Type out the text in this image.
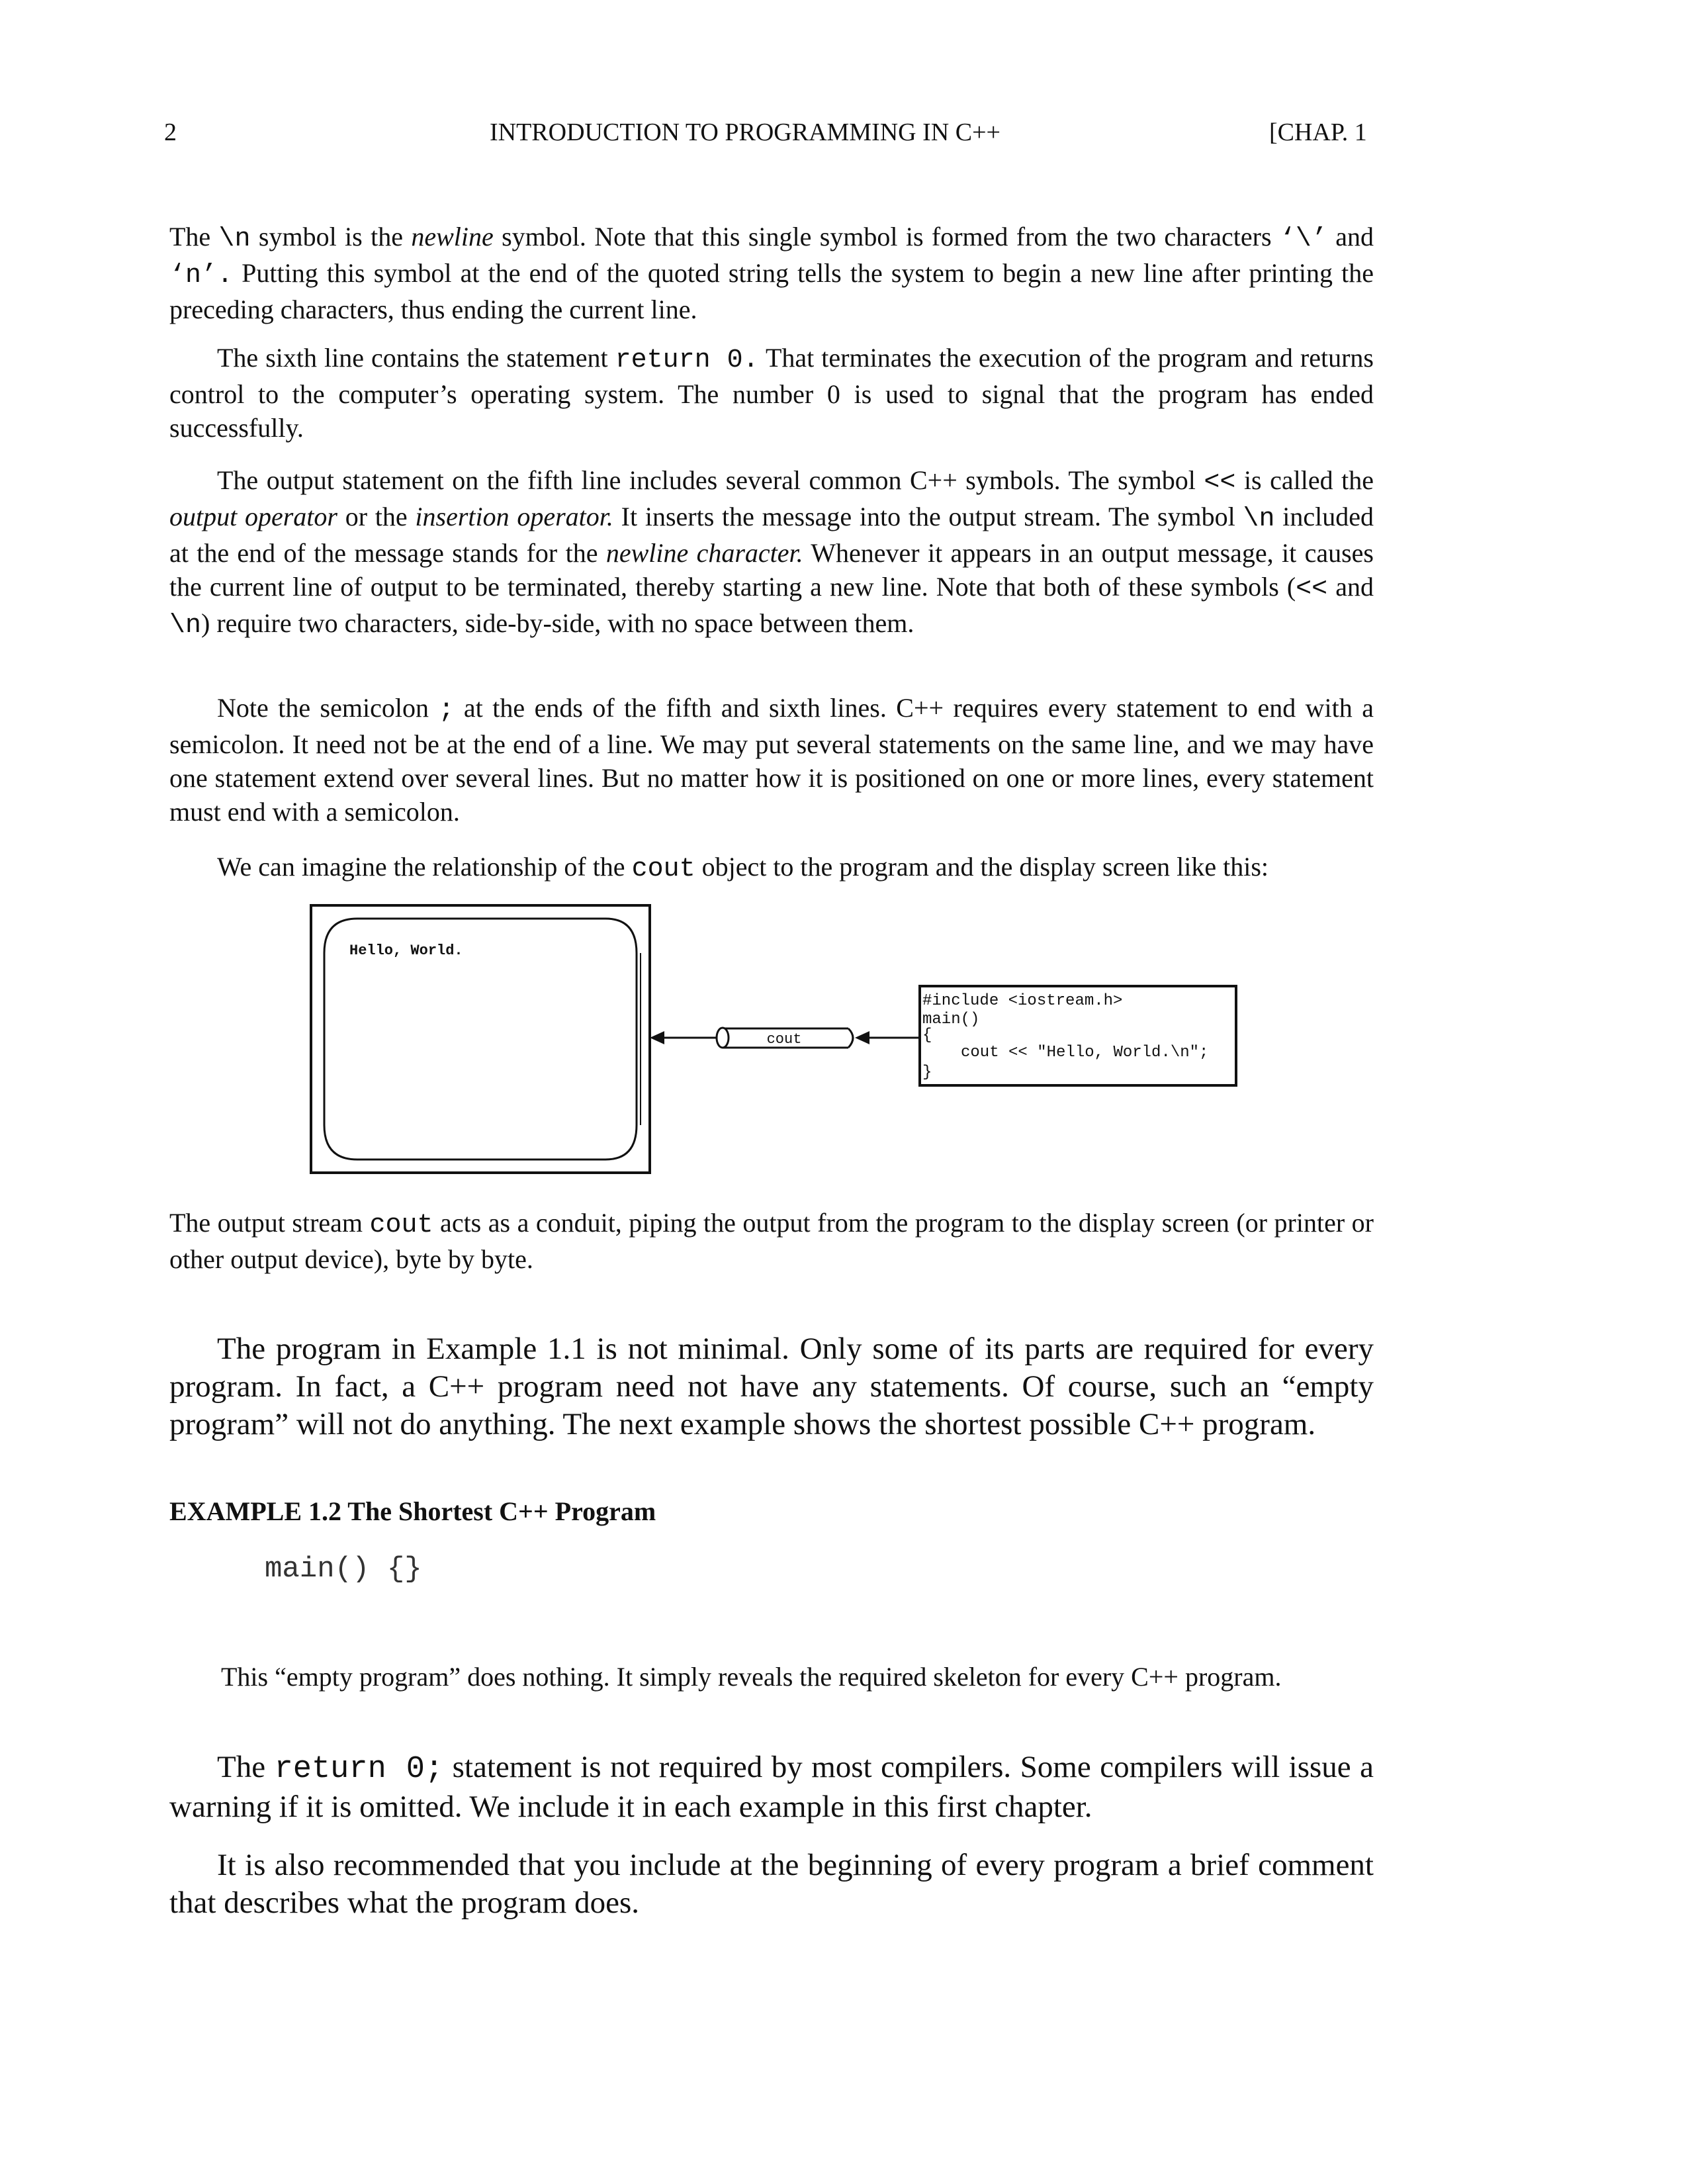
2	INTRODUCTION TO PROGRAMMING IN C++	[CHAP. 1

The \n symbol is the newline symbol. Note that this single symbol is formed from the two characters ‘\’ and ‘n’. Putting this symbol at the end of the quoted string tells the system to begin a new line after printing the preceding characters, thus ending the current line.

The sixth line contains the statement return 0. That terminates the execution of the program and returns control to the computer’s operating system. The number 0 is used to signal that the program has ended successfully.

The output statement on the fifth line includes several common C++ symbols. The symbol << is called the output operator or the insertion operator. It inserts the message into the output stream. The symbol \n included at the end of the message stands for the newline character. Whenever it appears in an output message, it causes the current line of output to be terminated, thereby starting a new line. Note that both of these symbols (<< and \n) require two characters, side-by-side, with no space between them.

Note the semicolon ; at the ends of the fifth and sixth lines. C++ requires every statement to end with a semicolon. It need not be at the end of a line. We may put several statements on the same line, and we may have one statement extend over several lines. But no matter how it is positioned on one or more lines, every statement must end with a semicolon.

We can imagine the relationship of the cout object to the program and the display screen like this:

Hello, World.
cout
#include <iostream.h>
main()
{
cout << "Hello, World.\n";
}

The output stream cout acts as a conduit, piping the output from the program to the display screen (or printer or other output device), byte by byte.

The program in Example 1.1 is not minimal. Only some of its parts are required for every program. In fact, a C++ program need not have any statements. Of course, such an “empty program” will not do anything. The next example shows the shortest possible C++ program.

EXAMPLE 1.2 The Shortest C++ Program

main() {}

This “empty program” does nothing. It simply reveals the required skeleton for every C++ program.

The return 0; statement is not required by most compilers. Some compilers will issue a warning if it is omitted. We include it in each example in this first chapter.

It is also recommended that you include at the beginning of every program a brief comment that describes what the program does.
